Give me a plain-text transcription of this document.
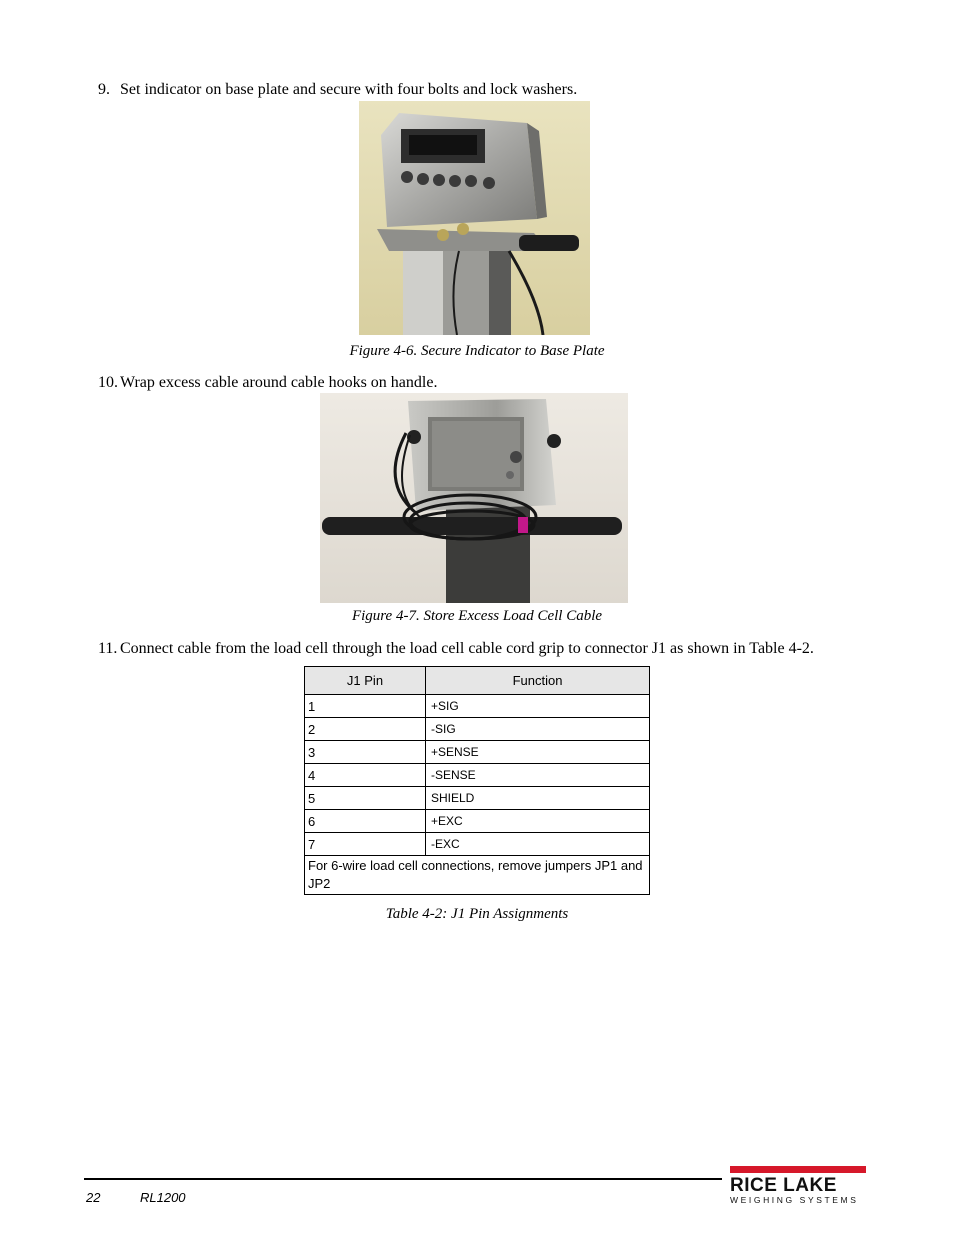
9. Set indicator on base plate and secure with four bolts and lock washers.
Figure 4-6. Secure Indicator to Base Plate
10. Wrap excess cable around cable hooks on handle.
Figure 4-7. Store Excess Load Cell Cable
11. Connect cable from the load cell through the load cell cable cord grip to connector J1 as shown in Table 4-2.
J1 Pin	Function
1	+SIG
2	-SIG
3	+SENSE
4	-SENSE
5	SHIELD
6	+EXC
7	-EXC
For 6-wire load cell connections, remove jumpers JP1 and JP2	
Table 4-2: J1 Pin Assignments
22	RL1200
RICE LAKE
WEIGHING SYSTEMS
